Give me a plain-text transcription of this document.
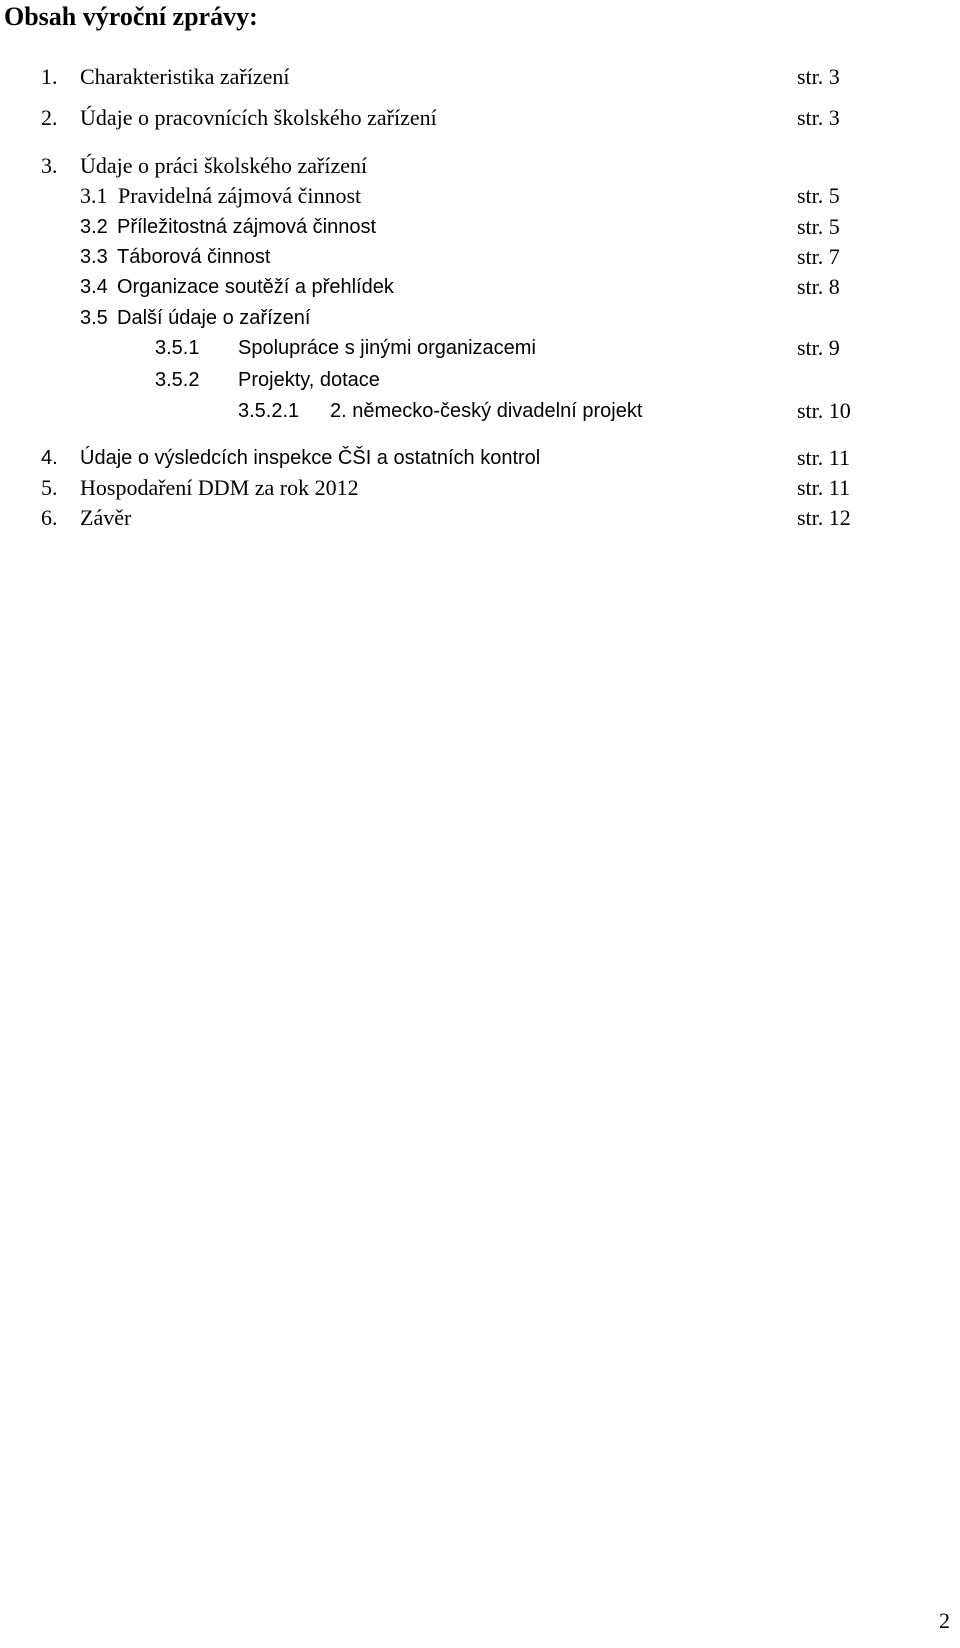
Obsah výroční zprávy:
1. Charakteristika zařízení	str. 3
2. Údaje o pracovnících školského zařízení	str. 3
3. Údaje o práci školského zařízení
3.1 Pravidelná zájmová činnost	str. 5
3.2 Příležitostná zájmová činnost	str. 5
3.3 Táborová činnost	str. 7
3.4 Organizace soutěží a přehlídek	str. 8
3.5 Další údaje o zařízení
3.5.1 Spolupráce s jinými organizacemi	str. 9
3.5.2 Projekty, dotace
3.5.2.1 2. německo-český divadelní projekt	str. 10
4. Údaje o výsledcích inspekce ČŠI a ostatních kontrol	str. 11
5. Hospodaření DDM za rok 2012	str. 11
6. Závěr	str. 12
2
